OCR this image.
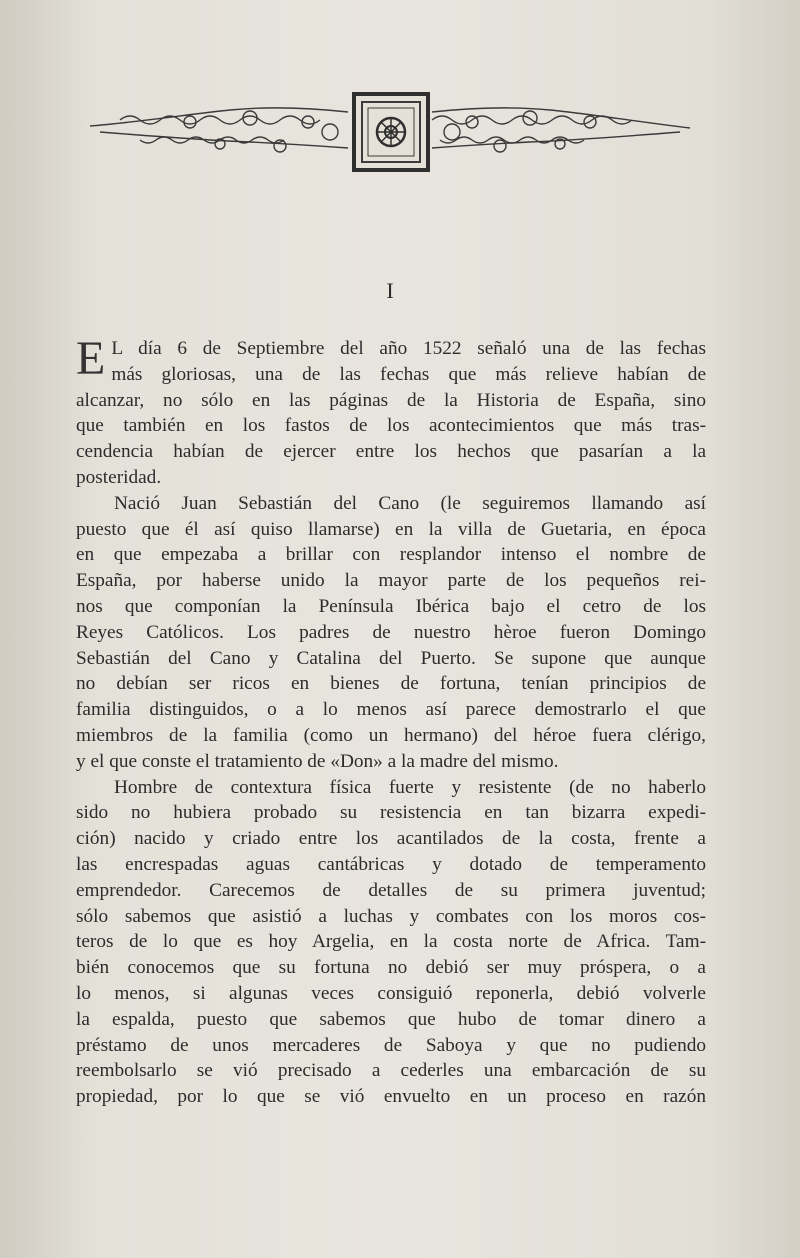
I
E L día 6 de Septiembre del año 1522 señaló una de las fechas
más gloriosas, una de las fechas que más relieve habían de
alcanzar, no sólo en las páginas de la Historia de España, sino
que también en los fastos de los acontecimientos que más tras-
cendencia habían de ejercer entre los hechos que pasarían a la
posteridad.
Nació Juan Sebastián del Cano (le seguiremos llamando así
puesto que él así quiso llamarse) en la villa de Guetaria, en época
en que empezaba a brillar con resplandor intenso el nombre de
España, por haberse unido la mayor parte de los pequeños rei-
nos que componían la Península Ibérica bajo el cetro de los
Reyes Católicos. Los padres de nuestro hèroe fueron Domingo
Sebastián del Cano y Catalina del Puerto. Se supone que aunque
no debían ser ricos en bienes de fortuna, tenían principios de
familia distinguidos, o a lo menos así parece demostrarlo el que
miembros de la familia (como un hermano) del héroe fuera clérigo,
y el que conste el tratamiento de «Don» a la madre del mismo.
Hombre de contextura física fuerte y resistente (de no haberlo
sido no hubiera probado su resistencia en tan bizarra expedi-
ción) nacido y criado entre los acantilados de la costa, frente a
las encrespadas aguas cantábricas y dotado de temperamento
emprendedor. Carecemos de detalles de su primera juventud;
sólo sabemos que asistió a luchas y combates con los moros cos-
teros de lo que es hoy Argelia, en la costa norte de Africa. Tam-
bién conocemos que su fortuna no debió ser muy próspera, o a
lo menos, si algunas veces consiguió reponerla, debió volverle
la espalda, puesto que sabemos que hubo de tomar dinero a
préstamo de unos mercaderes de Saboya y que no pudiendo
reembolsarlo se vió precisado a cederles una embarcación de su
propiedad, por lo que se vió envuelto en un proceso en razón
